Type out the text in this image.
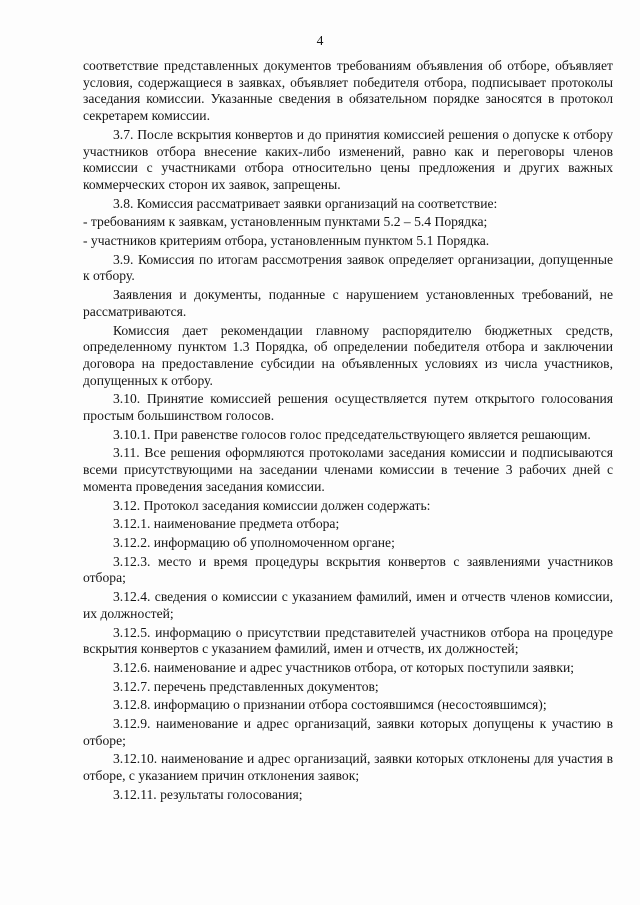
4

соответствие представленных документов требованиям объявления об отборе, объявляет условия, содержащиеся в заявках, объявляет победителя отбора, подписывает протоколы заседания комиссии. Указанные сведения в обязательном порядке заносятся в протокол секретарем комиссии.

3.7. После вскрытия конвертов и до принятия комиссией решения о допуске к отбору участников отбора внесение каких-либо изменений, равно как и переговоры членов комиссии с участниками отбора относительно цены предложения и других важных коммерческих сторон их заявок, запрещены.

3.8. Комиссия рассматривает заявки организаций на соответствие:

- требованиям к заявкам, установленным пунктами 5.2 – 5.4 Порядка;

- участников критериям отбора, установленным пунктом 5.1 Порядка.

3.9. Комиссия по итогам рассмотрения заявок определяет организации, допущенные к отбору.

Заявления и документы, поданные с нарушением установленных требований, не рассматриваются.

Комиссия дает рекомендации главному распорядителю бюджетных средств, определенному пунктом 1.3 Порядка, об определении победителя отбора и заключении договора на предоставление субсидии на объявленных условиях из числа участников, допущенных к отбору.

3.10. Принятие комиссией решения осуществляется путем открытого голосования простым большинством голосов.

3.10.1. При равенстве голосов голос председательствующего является решающим.

3.11. Все решения оформляются протоколами заседания комиссии и подписываются всеми присутствующими на заседании членами комиссии в течение 3 рабочих дней с момента проведения заседания комиссии.

3.12. Протокол заседания комиссии должен содержать:

3.12.1. наименование предмета отбора;

3.12.2. информацию об уполномоченном органе;

3.12.3. место и время процедуры вскрытия конвертов с заявлениями участников отбора;

3.12.4. сведения о комиссии с указанием фамилий, имен и отчеств членов комиссии, их должностей;

3.12.5. информацию о присутствии представителей участников отбора на процедуре вскрытия конвертов с указанием фамилий, имен и отчеств, их должностей;

3.12.6. наименование и адрес участников отбора, от которых поступили заявки;

3.12.7. перечень представленных документов;

3.12.8. информацию о признании отбора состоявшимся (несостоявшимся);

3.12.9. наименование и адрес организаций, заявки которых допущены к участию в отборе;

3.12.10. наименование и адрес организаций, заявки которых отклонены для участия в отборе, с указанием причин отклонения заявок;

3.12.11. результаты голосования;
